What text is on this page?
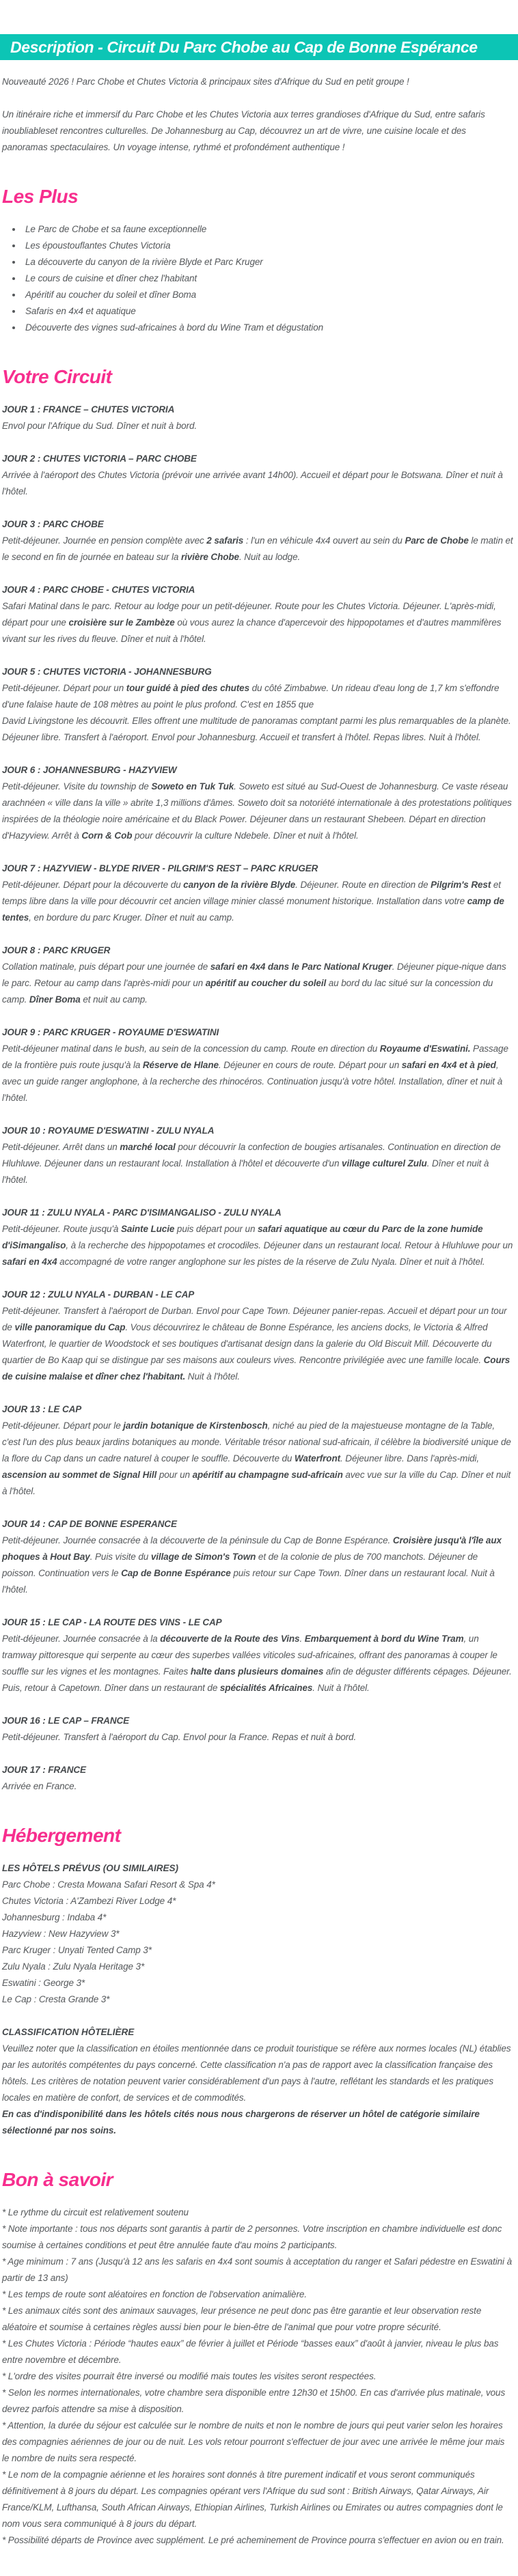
Description - Circuit Du Parc Chobe au Cap de Bonne Espérance

Nouveauté 2026 ! Parc Chobe et Chutes Victoria & principaux sites d'Afrique du Sud en petit groupe !

Un itinéraire riche et immersif du Parc Chobe et les Chutes Victoria aux terres grandioses d'Afrique du Sud, entre safaris inoubliableset rencontres culturelles. De Johannesburg au Cap, découvrez un art de vivre, une cuisine locale et des panoramas spectaculaires. Un voyage intense, rythmé et profondément authentique !

Les Plus
• Le Parc de Chobe et sa faune exceptionnelle
• Les époustouflantes Chutes Victoria
• La découverte du canyon de la rivière Blyde et Parc Kruger
• Le cours de cuisine et dîner chez l'habitant
• Apéritif au coucher du soleil et dîner Boma
• Safaris en 4x4 et aquatique
• Découverte des vignes sud-africaines à bord du Wine Tram et dégustation
Votre Circuit
JOUR 1 : FRANCE – CHUTES VICTORIA
Envol pour l'Afrique du Sud. Dîner et nuit à bord.
JOUR 2 : CHUTES VICTORIA – PARC CHOBE
Arrivée à l'aéroport des Chutes Victoria (prévoir une arrivée avant 14h00). Accueil et départ pour le Botswana. Dîner et nuit à l'hôtel.
JOUR 3 : PARC CHOBE
Petit-déjeuner. Journée en pension complète avec 2 safaris : l'un en véhicule 4x4 ouvert au sein du Parc de Chobe le matin et le second en fin de journée en bateau sur la rivière Chobe. Nuit au lodge.
JOUR 4 : PARC CHOBE - CHUTES VICTORIA
Safari Matinal dans le parc. Retour au lodge pour un petit-déjeuner. Route pour les Chutes Victoria. Déjeuner. L'après-midi, départ pour une croisière sur le Zambèze où vous aurez la chance d'apercevoir des hippopotames et d'autres mammifères vivant sur les rives du fleuve. Dîner et nuit à l'hôtel.
JOUR 5 : CHUTES VICTORIA - JOHANNESBURG
Petit-déjeuner. Départ pour un tour guidé à pied des chutes du côté Zimbabwe. Un rideau d'eau long de 1,7 km s'effondre d'une falaise haute de 108 mètres au point le plus profond. C'est en 1855 que
David Livingstone les découvrit. Elles offrent une multitude de panoramas comptant parmi les plus remarquables de la planète. Déjeuner libre. Transfert à l'aéroport. Envol pour Johannesburg. Accueil et transfert à l'hôtel. Repas libres. Nuit à l'hôtel.
JOUR 6 : JOHANNESBURG - HAZYVIEW
Petit-déjeuner. Visite du township de Soweto en Tuk Tuk. Soweto est situé au Sud-Ouest de Johannesburg. Ce vaste réseau arachnéen « ville dans la ville » abrite 1,3 millions d'âmes. Soweto doit sa notoriété internationale à des protestations politiques inspirées de la théologie noire américaine et du Black Power. Déjeuner dans un restaurant Shebeen. Départ en direction d'Hazyview. Arrêt à Corn & Cob pour découvrir la culture Ndebele. Dîner et nuit à l'hôtel.
JOUR 7 : HAZYVIEW - BLYDE RIVER - PILGRIM'S REST – PARC KRUGER
Petit-déjeuner. Départ pour la découverte du canyon de la rivière Blyde. Déjeuner. Route en direction de Pilgrim's Rest et temps libre dans la ville pour découvrir cet ancien village minier classé monument historique. Installation dans votre camp de tentes, en bordure du parc Kruger. Dîner et nuit au camp.
JOUR 8 : PARC KRUGER
Collation matinale, puis départ pour une journée de safari en 4x4 dans le Parc National Kruger. Déjeuner pique-nique dans le parc. Retour au camp dans l'après-midi pour un apéritif au coucher du soleil au bord du lac situé sur la concession du camp. Dîner Boma et nuit au camp.
JOUR 9 : PARC KRUGER - ROYAUME D'ESWATINI
Petit-déjeuner matinal dans le bush, au sein de la concession du camp. Route en direction du Royaume d'Eswatini. Passage de la frontière puis route jusqu'à la Réserve de Hlane. Déjeuner en cours de route. Départ pour un safari en 4x4 et à pied, avec un guide ranger anglophone, à la recherche des rhinocéros. Continuation jusqu'à votre hôtel. Installation, dîner et nuit à l'hôtel.
JOUR 10 : ROYAUME D'ESWATINI - ZULU NYALA
Petit-déjeuner. Arrêt dans un marché local pour découvrir la confection de bougies artisanales. Continuation en direction de Hluhluwe. Déjeuner dans un restaurant local. Installation à l'hôtel et découverte d'un village culturel Zulu. Dîner et nuit à l'hôtel.
JOUR 11 : ZULU NYALA - PARC D'ISIMANGALISO - ZULU NYALA
Petit-déjeuner. Route jusqu'à Sainte Lucie puis départ pour un safari aquatique au cœur du Parc de la zone humide d'iSimangaliso, à la recherche des hippopotames et crocodiles. Déjeuner dans un restaurant local. Retour à Hluhluwe pour un safari en 4x4 accompagné de votre ranger anglophone sur les pistes de la réserve de Zulu Nyala. Dîner et nuit à l'hôtel.
JOUR 12 : ZULU NYALA - DURBAN - LE CAP
Petit-déjeuner. Transfert à l'aéroport de Durban. Envol pour Cape Town. Déjeuner panier-repas. Accueil et départ pour un tour de ville panoramique du Cap. Vous découvrirez le château de Bonne Espérance, les anciens docks, le Victoria & Alfred Waterfront, le quartier de Woodstock et ses boutiques d'artisanat design dans la galerie du Old Biscuit Mill. Découverte du quartier de Bo Kaap qui se distingue par ses maisons aux couleurs vives. Rencontre privilégiée avec une famille locale. Cours de cuisine malaise et dîner chez l'habitant. Nuit à l'hôtel.
JOUR 13 : LE CAP
Petit-déjeuner. Départ pour le jardin botanique de Kirstenbosch, niché au pied de la majestueuse montagne de la Table, c'est l'un des plus beaux jardins botaniques au monde. Véritable trésor national sud-africain, il célèbre la biodiversité unique de la flore du Cap dans un cadre naturel à couper le souffle. Découverte du Waterfront. Déjeuner libre. Dans l'après-midi, ascension au sommet de Signal Hill pour un apéritif au champagne sud-africain avec vue sur la ville du Cap. Dîner et nuit à l'hôtel.
JOUR 14 : CAP DE BONNE ESPERANCE
Petit-déjeuner. Journée consacrée à la découverte de la péninsule du Cap de Bonne Espérance. Croisière jusqu'à l'île aux phoques à Hout Bay. Puis visite du village de Simon's Town et de la colonie de plus de 700 manchots. Déjeuner de poisson. Continuation vers le Cap de Bonne Espérance puis retour sur Cape Town. Dîner dans un restaurant local. Nuit à l'hôtel.
JOUR 15 : LE CAP - LA ROUTE DES VINS - LE CAP
Petit-déjeuner. Journée consacrée à la découverte de la Route des Vins. Embarquement à bord du Wine Tram, un tramway pittoresque qui serpente au cœur des superbes vallées viticoles sud-africaines, offrant des panoramas à couper le souffle sur les vignes et les montagnes. Faites halte dans plusieurs domaines afin de déguster différents cépages. Déjeuner. Puis, retour à Capetown. Dîner dans un restaurant de spécialités Africaines. Nuit à l'hôtel.
JOUR 16 : LE CAP – FRANCE
Petit-déjeuner. Transfert à l'aéroport du Cap. Envol pour la France. Repas et nuit à bord.
JOUR 17 : FRANCE
Arrivée en France.
Hébergement
LES HÔTELS PRÉVUS (OU SIMILAIRES)
Parc Chobe : Cresta Mowana Safari Resort & Spa 4*
Chutes Victoria : A'Zambezi River Lodge 4*
Johannesburg : Indaba 4*
Hazyview : New Hazyview 3*
Parc Kruger : Unyati Tented Camp 3*
Zulu Nyala : Zulu Nyala Heritage 3*
Eswatini : George 3*
Le Cap : Cresta Grande 3*
CLASSIFICATION HÔTELIÈRE
Veuillez noter que la classification en étoiles mentionnée dans ce produit touristique se réfère aux normes locales (NL) établies par les autorités compétentes du pays concerné. Cette classification n'a pas de rapport avec la classification française des hôtels. Les critères de notation peuvent varier considérablement d'un pays à l'autre, reflétant les standards et les pratiques locales en matière de confort, de services et de commodités.
En cas d'indisponibilité dans les hôtels cités nous nous chargerons de réserver un hôtel de catégorie similaire sélectionné par nos soins.
Bon à savoir
* Le rythme du circuit est relativement soutenu
* Note importante : tous nos départs sont garantis à partir de 2 personnes. Votre inscription en chambre individuelle est donc soumise à certaines conditions et peut être annulée faute d'au moins 2 participants.
* Age minimum : 7 ans (Jusqu'à 12 ans les safaris en 4x4 sont soumis à acceptation du ranger et Safari pédestre en Eswatini à partir de 13 ans)
* Les temps de route sont aléatoires en fonction de l'observation animalière.
* Les animaux cités sont des animaux sauvages, leur présence ne peut donc pas être garantie et leur observation reste aléatoire et soumise à certaines règles aussi bien pour le bien-être de l'animal que pour votre propre sécurité.
* Les Chutes Victoria : Période “hautes eaux” de février à juillet et Période “basses eaux” d'août à janvier, niveau le plus bas entre novembre et décembre.
* L'ordre des visites pourrait être inversé ou modifié mais toutes les visites seront respectées.
* Selon les normes internationales, votre chambre sera disponible entre 12h30 et 15h00. En cas d'arrivée plus matinale, vous devrez parfois attendre sa mise à disposition.
* Attention, la durée du séjour est calculée sur le nombre de nuits et non le nombre de jours qui peut varier selon les horaires des compagnies aériennes de jour ou de nuit. Les vols retour pourront s'effectuer de jour avec une arrivée le même jour mais le nombre de nuits sera respecté.
* Le nom de la compagnie aérienne et les horaires sont donnés à titre purement indicatif et vous seront communiqués définitivement à 8 jours du départ. Les compagnies opérant vers l'Afrique du sud sont : British Airways, Qatar Airways, Air France/KLM, Lufthansa, South African Airways, Ethiopian Airlines, Turkish Airlines ou Emirates ou autres compagnies dont le nom vous sera communiqué à 8 jours du départ.
* Possibilité départs de Province avec supplément. Le pré acheminement de Province pourra s'effectuer en avion ou en train.
